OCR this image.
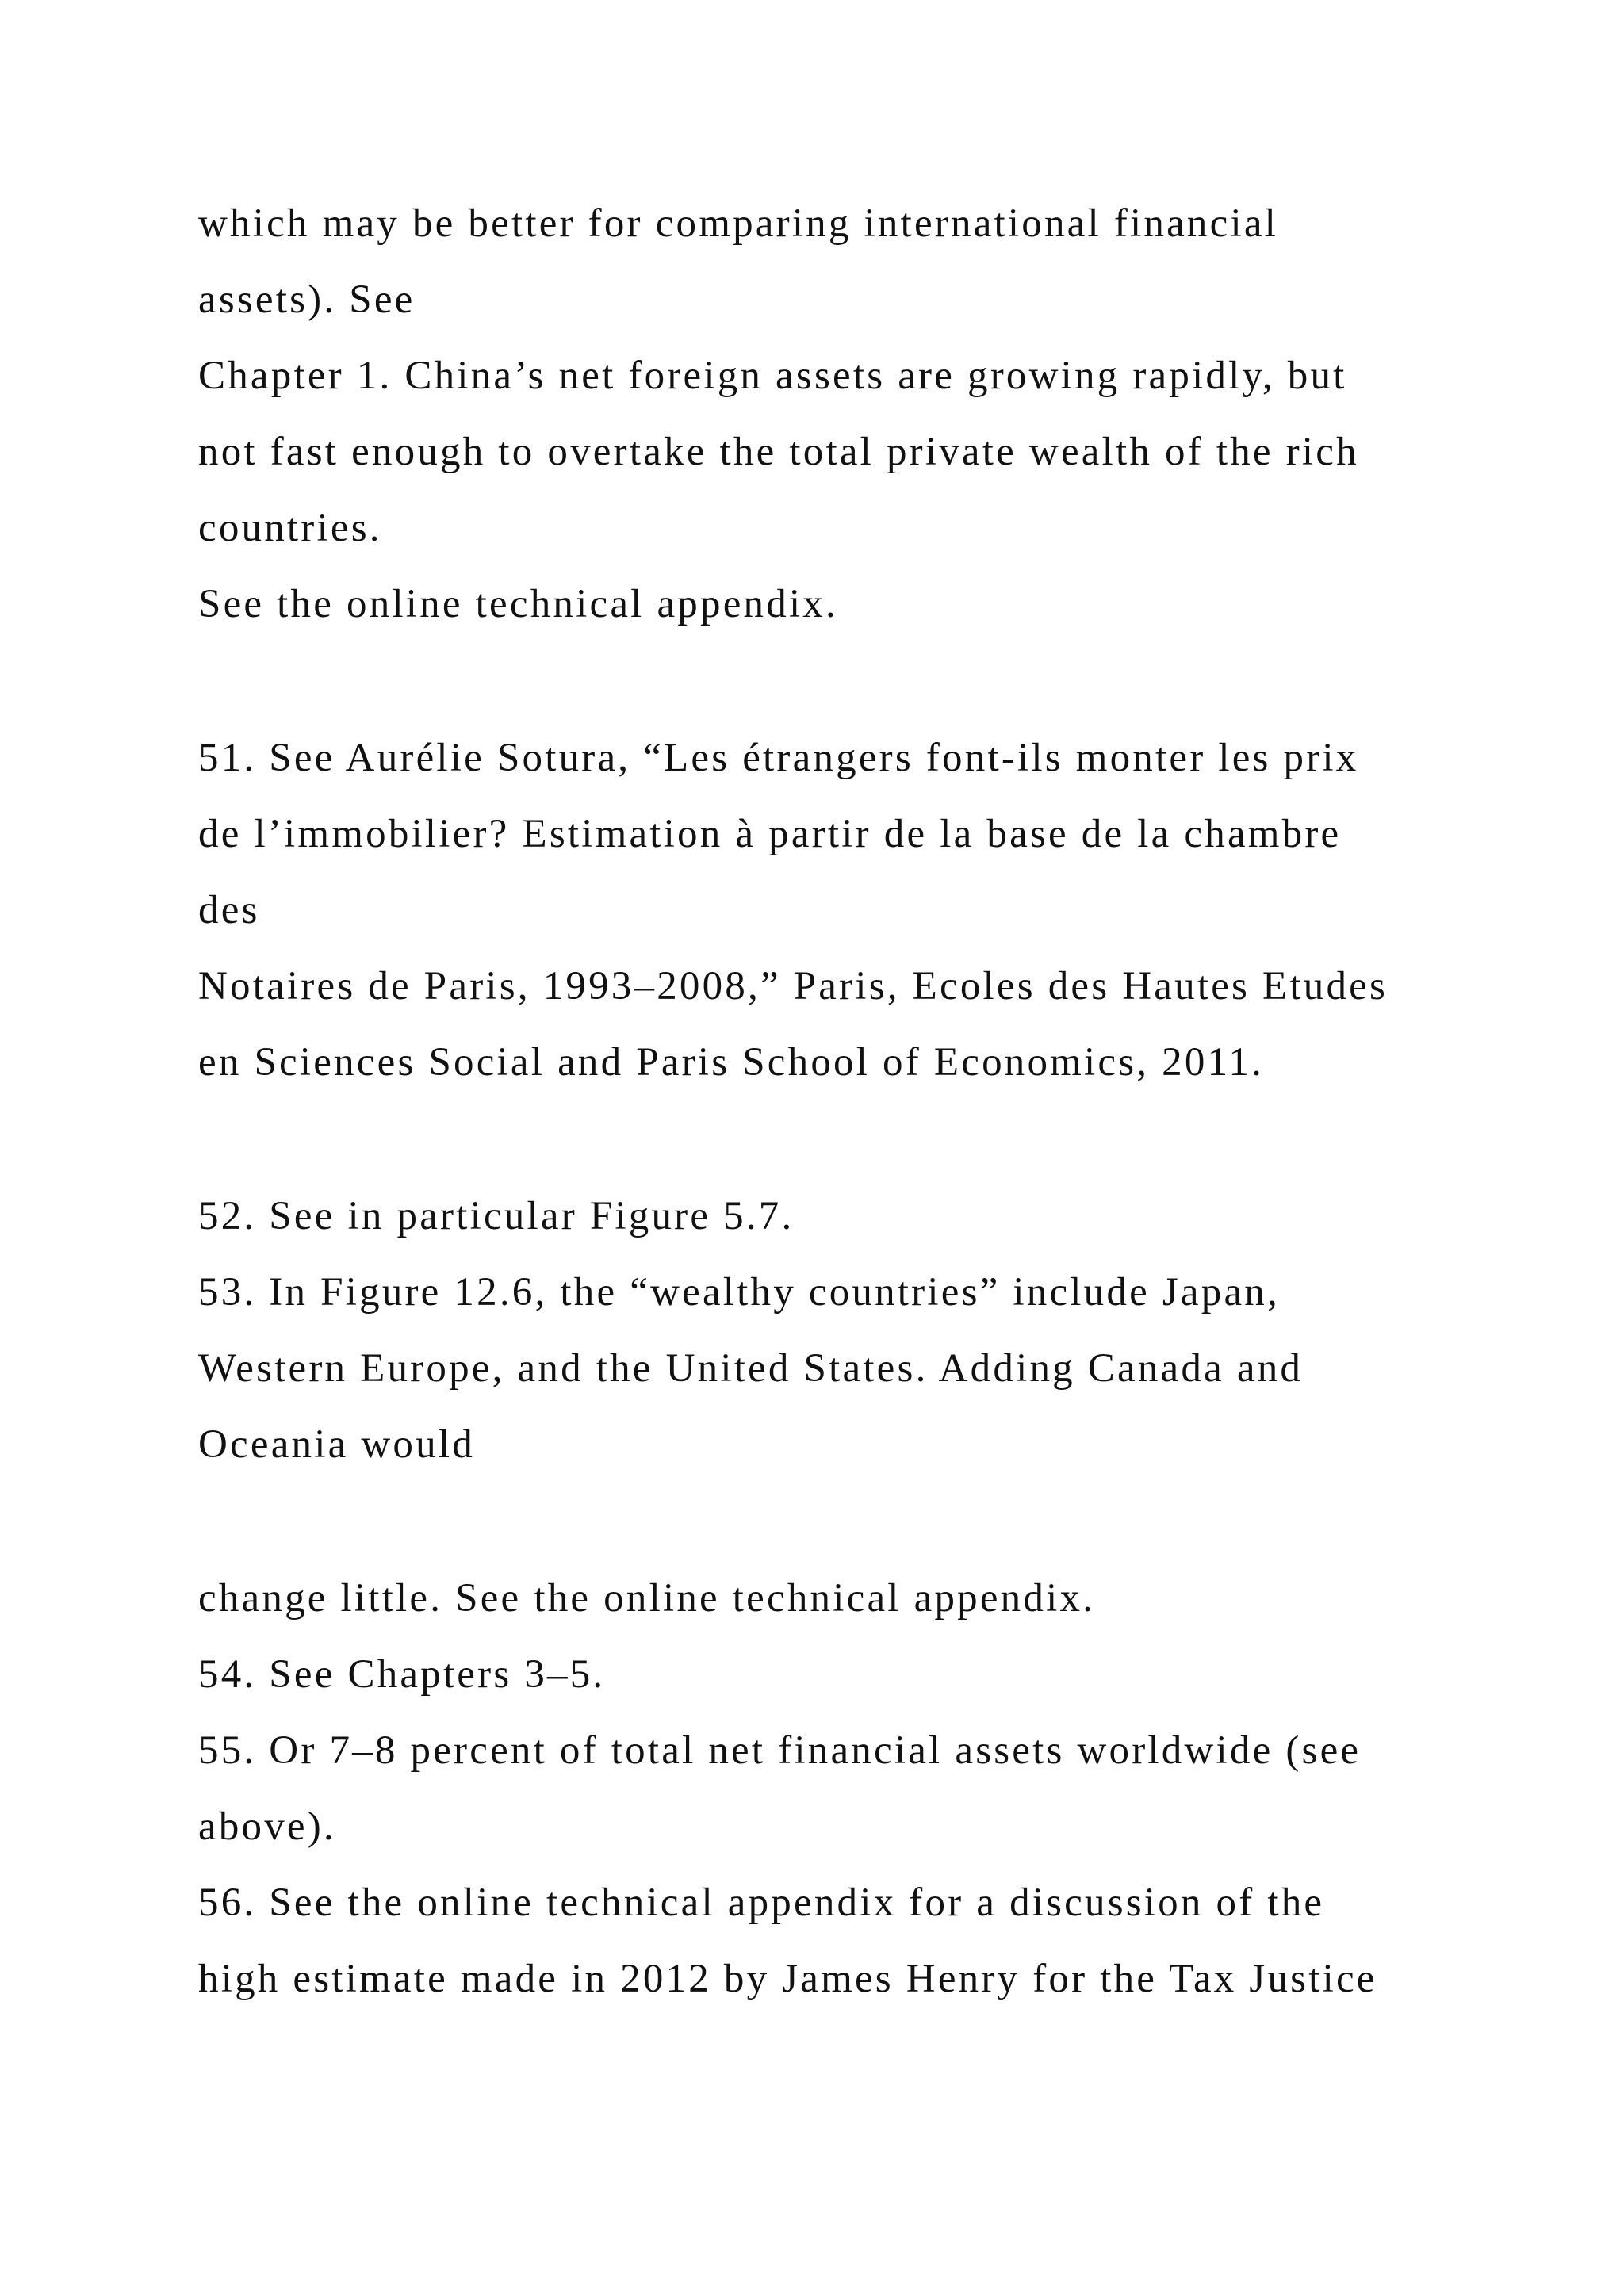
which may be better for comparing international financial
assets). See
Chapter 1. China’s net foreign assets are growing rapidly, but
not fast enough to overtake the total private wealth of the rich
countries.
See the online technical appendix.
51. See Aurélie Sotura, “Les étrangers font-ils monter les prix
de l’immobilier? Estimation à partir de la base de la chambre
des
Notaires de Paris, 1993–2008,” Paris, Ecoles des Hautes Etudes
en Sciences Social and Paris School of Economics, 2011.
52. See in particular Figure 5.7.
53. In Figure 12.6, the “wealthy countries” include Japan,
Western Europe, and the United States. Adding Canada and
Oceania would
change little. See the online technical appendix.
54. See Chapters 3–5.
55. Or 7–8 percent of total net financial assets worldwide (see
above).
56. See the online technical appendix for a discussion of the
high estimate made in 2012 by James Henry for the Tax Justice
